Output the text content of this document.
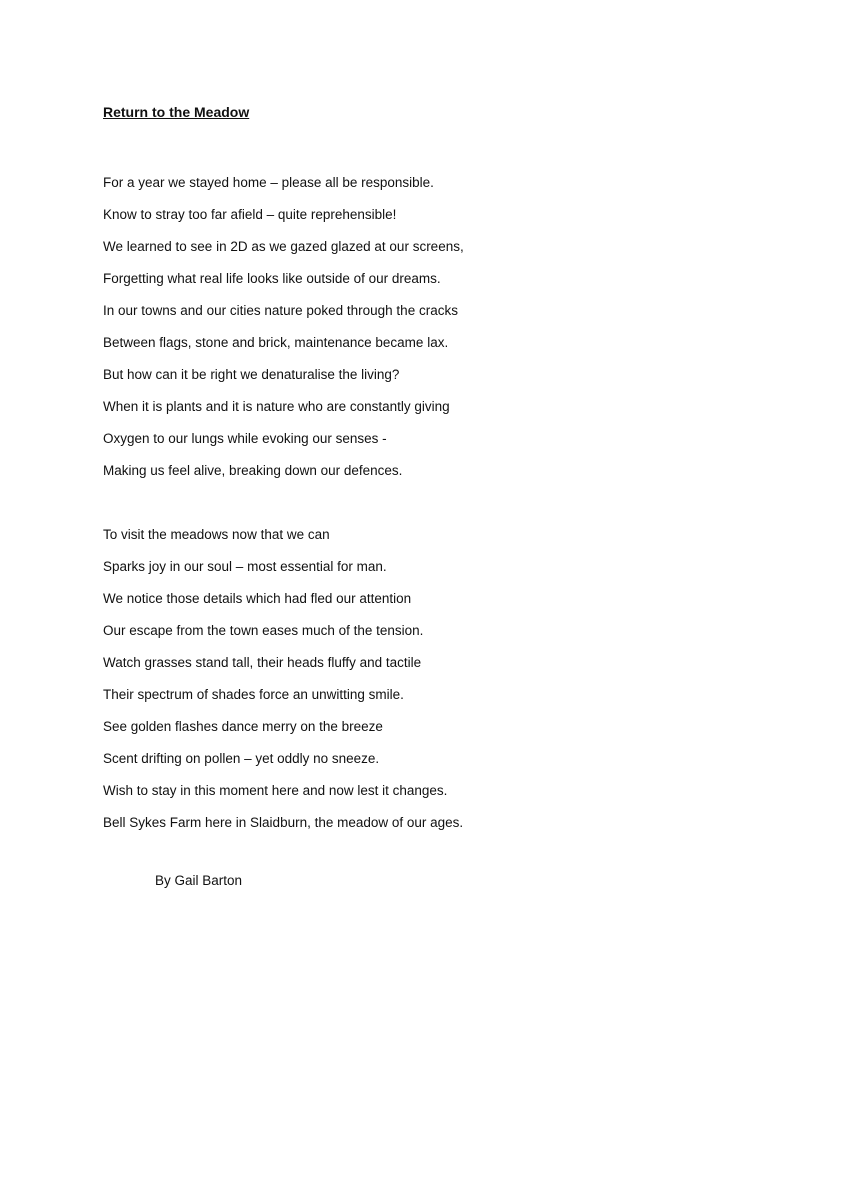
Return to the Meadow
For a year we stayed home – please all be responsible.
Know to stray too far afield – quite reprehensible!
We learned to see in 2D as we gazed glazed at our screens,
Forgetting what real life looks like outside of our dreams.
In our towns and our cities nature poked through the cracks
Between flags, stone and brick, maintenance became lax.
But how can it be right we denaturalise the living?
When it is plants and it is nature who are constantly giving
Oxygen to our lungs while evoking our senses -
Making us feel alive, breaking down our defences.
To visit the meadows now that we can
Sparks joy in our soul – most essential for man.
We notice those details which had fled our attention
Our escape from the town eases much of the tension.
Watch grasses stand tall, their heads fluffy and tactile
Their spectrum of shades force an unwitting smile.
See golden flashes dance merry on the breeze
Scent drifting on pollen – yet oddly no sneeze.
Wish to stay in this moment here and now lest it changes.
Bell Sykes Farm here in Slaidburn, the meadow of our ages.
By Gail Barton
